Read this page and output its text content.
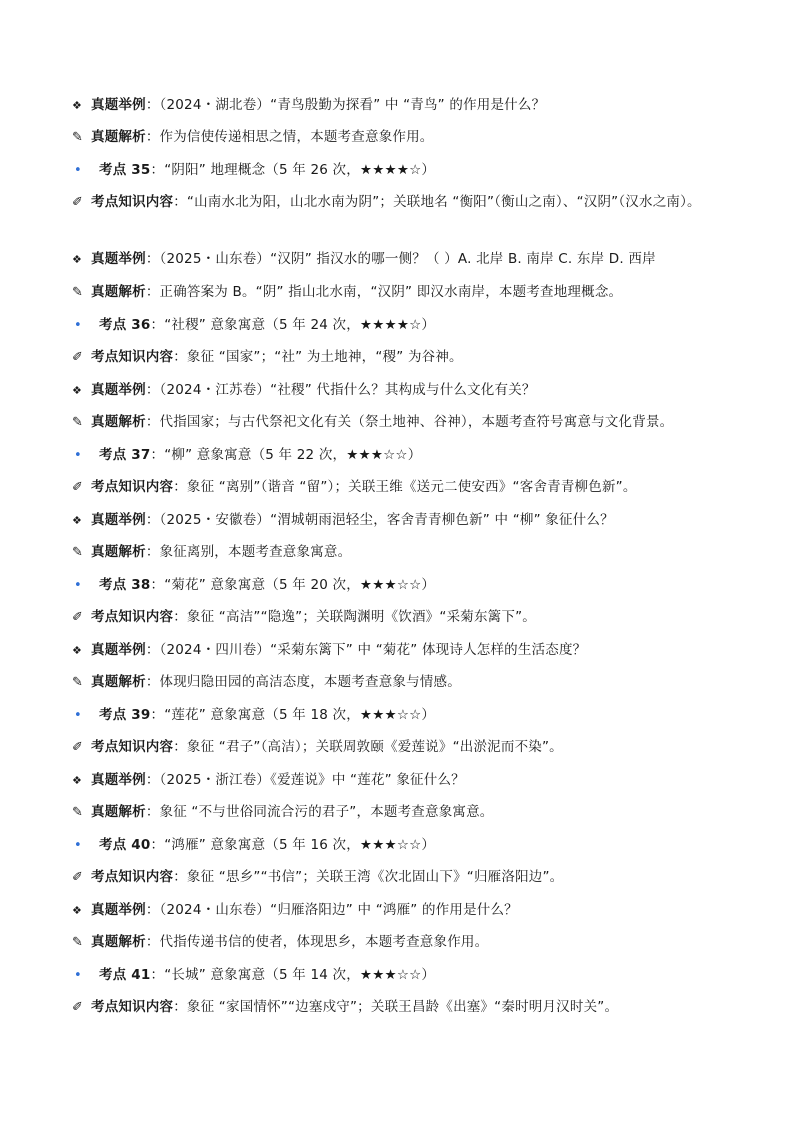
❖ 真题举例：（2024・湖北卷）“青鸟殷勤为探看” 中 “青鸟” 的作用是什么？
✎ 真题解析：作为信使传递相思之情，本题考查意象作用。
• 考点 35：“阴阳” 地理概念（5 年 26 次，★★★★☆）
✐ 考点知识内容：“山南水北为阳，山北水南为阴”；关联地名 “衡阳”（衡山之南）、“汉阴”（汉水之南）。
❖ 真题举例：（2025・山东卷）“汉阴” 指汉水的哪一侧？（ ）A. 北岸 B. 南岸 C. 东岸 D. 西岸
✎ 真题解析：正确答案为 B。“阴” 指山北水南，“汉阴” 即汉水南岸，本题考查地理概念。
• 考点 36：“社稷” 意象寓意（5 年 24 次，★★★★☆）
✐ 考点知识内容：象征 “国家”；“社” 为土地神，“稷” 为谷神。
❖ 真题举例：（2024・江苏卷）“社稷” 代指什么？其构成与什么文化有关？
✎ 真题解析：代指国家；与古代祭祀文化有关（祭土地神、谷神），本题考查符号寓意与文化背景。
• 考点 37：“柳” 意象寓意（5 年 22 次，★★★☆☆）
✐ 考点知识内容：象征 “离别”（谐音 “留”）；关联王维《送元二使安西》“客舍青青柳色新”。
❖ 真题举例：（2025・安徽卷）“渭城朝雨浥轻尘，客舍青青柳色新” 中 “柳” 象征什么？
✎ 真题解析：象征离别，本题考查意象寓意。
• 考点 38：“菊花” 意象寓意（5 年 20 次，★★★☆☆）
✐ 考点知识内容：象征 “高洁”“隐逸”；关联陶渊明《饮酒》“采菊东篱下”。
❖ 真题举例：（2024・四川卷）“采菊东篱下” 中 “菊花” 体现诗人怎样的生活态度？
✎ 真题解析：体现归隐田园的高洁态度，本题考查意象与情感。
• 考点 39：“莲花” 意象寓意（5 年 18 次，★★★☆☆）
✐ 考点知识内容：象征 “君子”（高洁）；关联周敦颐《爱莲说》“出淤泥而不染”。
❖ 真题举例：（2025・浙江卷）《爱莲说》中 “莲花” 象征什么？
✎ 真题解析：象征 “不与世俗同流合污的君子”，本题考查意象寓意。
• 考点 40：“鸿雁” 意象寓意（5 年 16 次，★★★☆☆）
✐ 考点知识内容：象征 “思乡”“书信”；关联王湾《次北固山下》“归雁洛阳边”。
❖ 真题举例：（2024・山东卷）“归雁洛阳边” 中 “鸿雁” 的作用是什么？
✎ 真题解析：代指传递书信的使者，体现思乡，本题考查意象作用。
• 考点 41：“长城” 意象寓意（5 年 14 次，★★★☆☆）
✐ 考点知识内容：象征 “家国情怀”“边塞戍守”；关联王昌龄《出塞》“秦时明月汉时关”。
